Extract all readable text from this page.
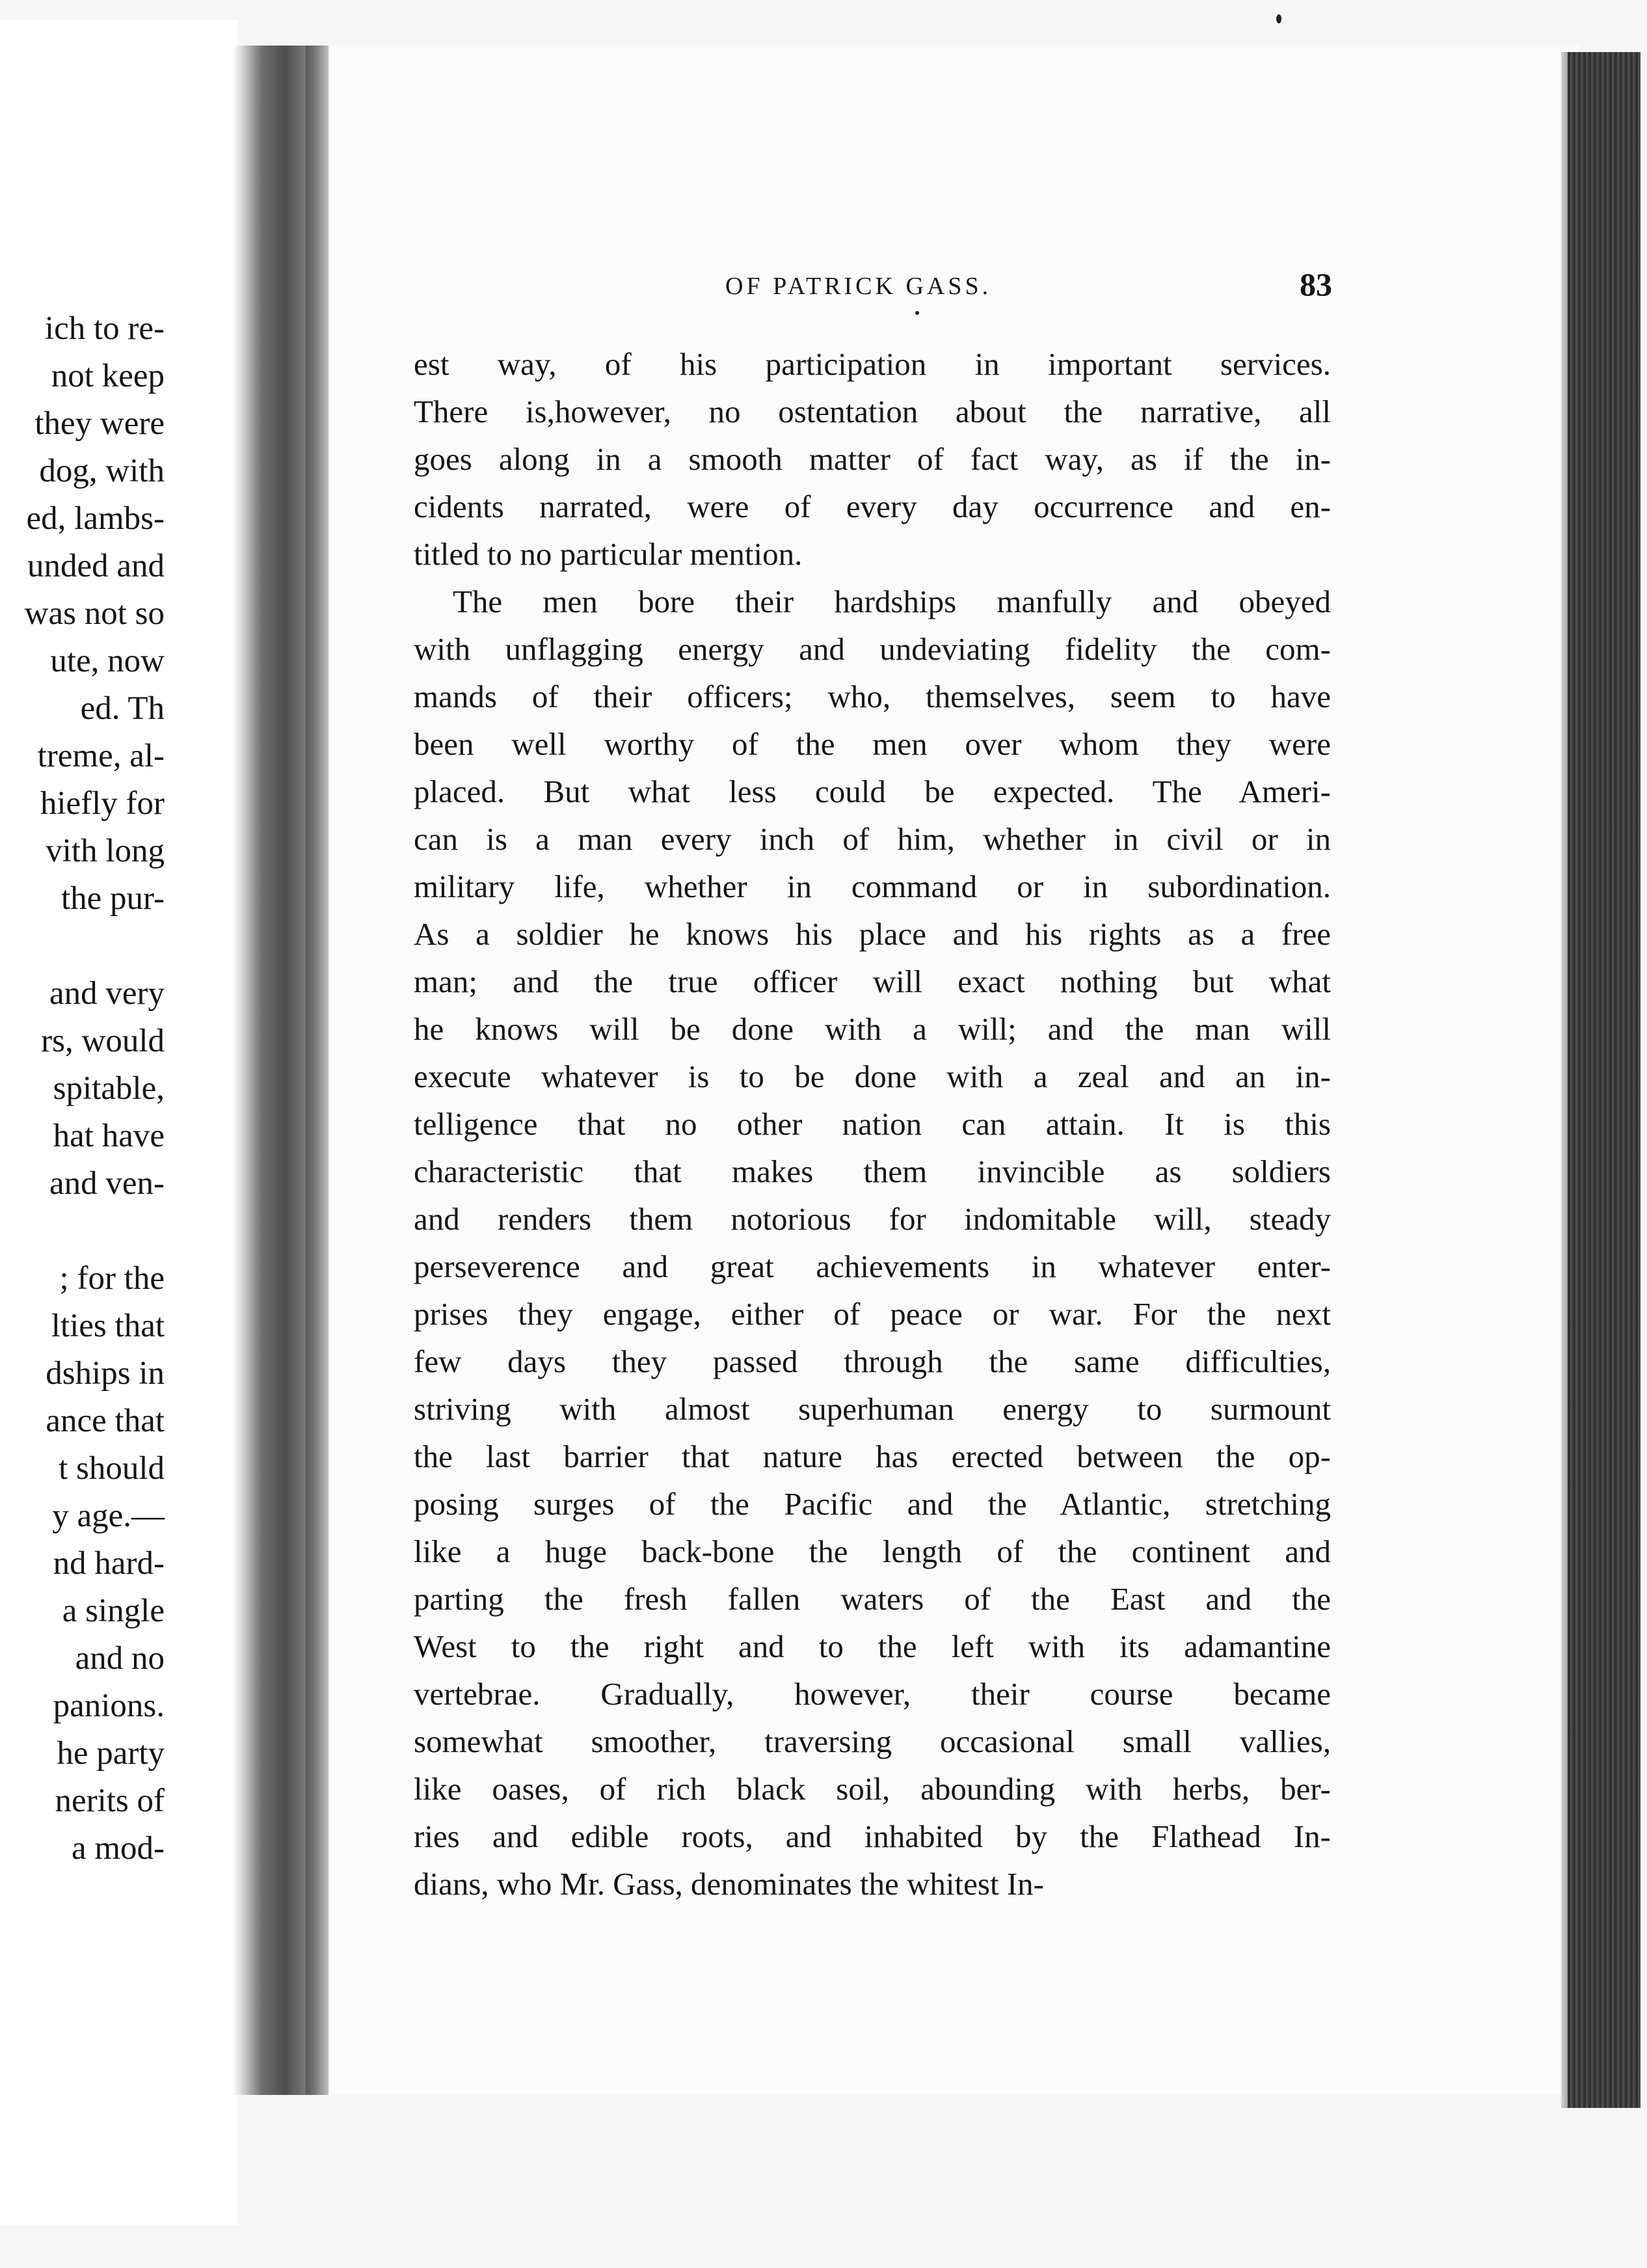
ich to re-
not keep
they were
dog, with
ed, lambs-
unded and
was not so
ute, now
ed. Th
treme, al-
hiefly for
vith long
the pur-
and very
rs, would
spitable,
hat have
and ven-
; for the
lties that
dships in
ance that
t should
y age.—
nd hard-
a single
and no
panions.
he party
nerits of
a mod-
OF PATRICK GASS.	83
est way, of his participation in important services.
There is,however, no ostentation about the narrative, all
goes along in a smooth matter of fact way, as if the in-
cidents narrated, were of every day occurrence and en-
titled to no particular mention.
The men bore their hardships manfully and obeyed
with unflagging energy and undeviating fidelity the com-
mands of their officers; who, themselves, seem to have
been well worthy of the men over whom they were
placed. But what less could be expected. The Ameri-
can is a man every inch of him, whether in civil or in
military life, whether in command or in subordination.
As a soldier he knows his place and his rights as a free
man; and the true officer will exact nothing but what
he knows will be done with a will; and the man will
execute whatever is to be done with a zeal and an in-
telligence that no other nation can attain. It is this
characteristic that makes them invincible as soldiers
and renders them notorious for indomitable will, steady
perseverence and great achievements in whatever enter-
prises they engage, either of peace or war. For the next
few days they passed through the same difficulties,
striving with almost superhuman energy to surmount
the last barrier that nature has erected between the op-
posing surges of the Pacific and the Atlantic, stretching
like a huge back-bone the length of the continent and
parting the fresh fallen waters of the East and the
West to the right and to the left with its adamantine
vertebrae. Gradually, however, their course became
somewhat smoother, traversing occasional small vallies,
like oases, of rich black soil, abounding with herbs, ber-
ries and edible roots, and inhabited by the Flathead In-
dians, who Mr. Gass, denominates the whitest In-
